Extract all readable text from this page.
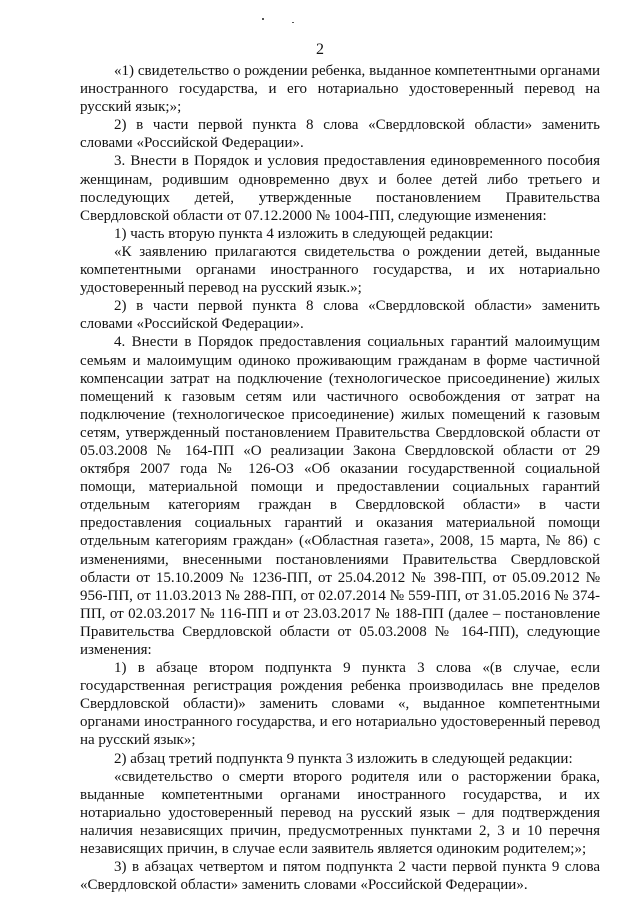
2

«1) свидетельство о рождении ребенка, выданное компетентными органами иностранного государства, и его нотариально удостоверенный перевод на русский язык;»;

2) в части первой пункта 8 слова «Свердловской области» заменить словами «Российской Федерации».

3. Внести в Порядок и условия предоставления единовременного пособия женщинам, родившим одновременно двух и более детей либо третьего и последующих детей, утвержденные постановлением Правительства Свердловской области от 07.12.2000 № 1004-ПП, следующие изменения:

1) часть вторую пункта 4 изложить в следующей редакции:

«К заявлению прилагаются свидетельства о рождении детей, выданные компетентными органами иностранного государства, и их нотариально удостоверенный перевод на русский язык.»;

2) в части первой пункта 8 слова «Свердловской области» заменить словами «Российской Федерации».

4. Внести в Порядок предоставления социальных гарантий малоимущим семьям и малоимущим одиноко проживающим гражданам в форме частичной компенсации затрат на подключение (технологическое присоединение) жилых помещений к газовым сетям или частичного освобождения от затрат на подключение (технологическое присоединение) жилых помещений к газовым сетям, утвержденный постановлением Правительства Свердловской области от 05.03.2008 № 164-ПП «О реализации Закона Свердловской области от 29 октября 2007 года № 126-ОЗ «Об оказании государственной социальной помощи, материальной помощи и предоставлении социальных гарантий отдельным категориям граждан в Свердловской области» в части предоставления социальных гарантий и оказания материальной помощи отдельным категориям граждан» («Областная газета», 2008, 15 марта, № 86) с изменениями, внесенными постановлениями Правительства Свердловской области от 15.10.2009 № 1236-ПП, от 25.04.2012 № 398-ПП, от 05.09.2012 № 956-ПП, от 11.03.2013 № 288-ПП, от 02.07.2014 № 559-ПП, от 31.05.2016 № 374-ПП, от 02.03.2017 № 116-ПП и от 23.03.2017 № 188-ПП (далее – постановление Правительства Свердловской области от 05.03.2008 № 164-ПП), следующие изменения:

1) в абзаце втором подпункта 9 пункта 3 слова «(в случае, если государственная регистрация рождения ребенка производилась вне пределов Свердловской области)» заменить словами «, выданное компетентными органами иностранного государства, и его нотариально удостоверенный перевод на русский язык»;

2) абзац третий подпункта 9 пункта 3 изложить в следующей редакции:

«свидетельство о смерти второго родителя или о расторжении брака, выданные компетентными органами иностранного государства, и их нотариально удостоверенный перевод на русский язык – для подтверждения наличия независящих причин, предусмотренных пунктами 2, 3 и 10 перечня независящих причин, в случае если заявитель является одиноким родителем;»;

3) в абзацах четвертом и пятом подпункта 2 части первой пункта 9 слова «Свердловской области» заменить словами «Российской Федерации».
